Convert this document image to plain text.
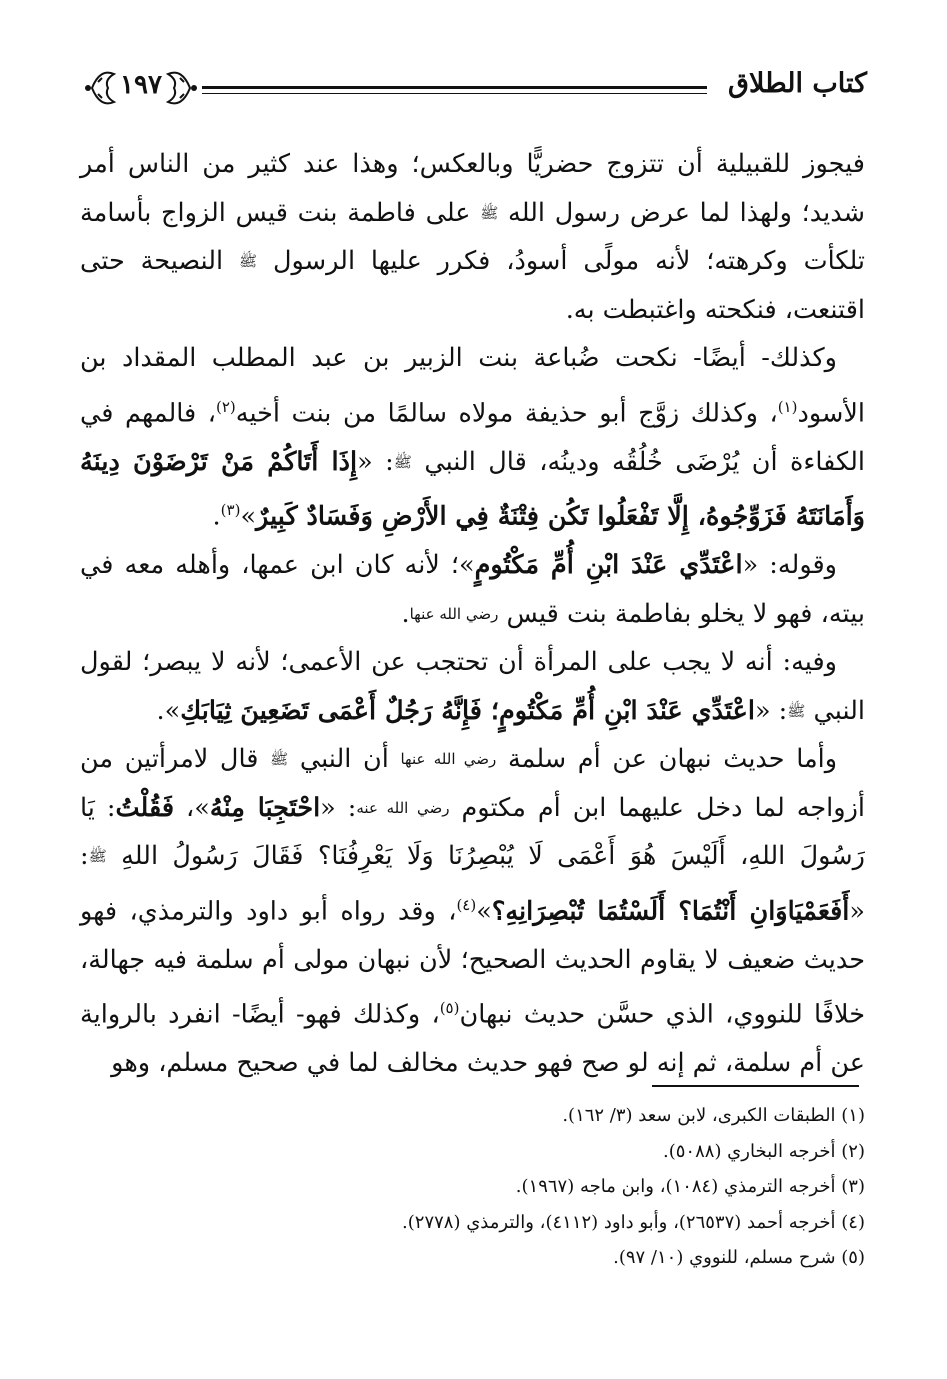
كتاب الطلاق
١٩٧

فيجوز للقبيلية أن تتزوج حضريًّا وبالعكس؛ وهذا عند كثير من الناس أمر شديد؛ ولهذا لما عرض رسول الله ﷺ على فاطمة بنت قيس الزواج بأسامة تلكأت وكرهته؛ لأنه مولًى أسودُ، فكرر عليها الرسول ﷺ النصيحة حتى اقتنعت، فنكحته واغتبطت به.

وكذلك- أيضًا- نكحت ضُباعة بنت الزبير بن عبد المطلب المقداد بن الأسود$^{(١)}$، وكذلك زوَّج أبو حذيفة مولاه سالمًا من بنت أخيه$^{(٢)}$، فالمهم في الكفاءة أن يُرْضَى خُلُقُه ودينُه، قال النبي ﷺ: «إِذَا أَتَاكُمْ مَنْ تَرْضَوْنَ دِينَهُ وَأَمَانَتَهُ فَزَوِّجُوهُ، إِلَّا تَفْعَلُوا تَكُن فِتْنَةٌ فِي الأَرْضِ وَفَسَادٌ كَبِيرٌ»$^{(٣)}$.

وقوله: «اعْتَدِّي عَنْدَ ابْنِ أُمِّ مَكْتُومٍ»؛ لأنه كان ابن عمها، وأهله معه في بيته، فهو لا يخلو بفاطمة بنت قيس رضي الله عنها.

وفيه: أنه لا يجب على المرأة أن تحتجب عن الأعمى؛ لأنه لا يبصر؛ لقول النبي ﷺ: «اعْتَدِّي عَنْدَ ابْنِ أُمِّ مَكْتُومٍ؛ فَإِنَّهُ رَجُلٌ أَعْمَى تَضَعِينَ ثِيَابَكِ».

وأما حديث نبهان عن أم سلمة رضي الله عنها أن النبي ﷺ قال لامرأتين من أزواجه لما دخل عليهما ابن أم مكتوم رضي الله عنه: «احْتَجِبَا مِنْهُ»، فَقُلْتُ: يَا رَسُولَ اللهِ، أَلَيْسَ هُوَ أَعْمَى لَا يُبْصِرُنَا وَلَا يَعْرِفُنَا؟ فَقَالَ رَسُولُ اللهِ ﷺ: «أَفَعَمْيَاوَانِ أَنْتُمَا؟ أَلَسْتُمَا تُبْصِرَانِهِ؟»$^{(٤)}$، وقد رواه أبو داود والترمذي، فهو حديث ضعيف لا يقاوم الحديث الصحيح؛ لأن نبهان مولى أم سلمة فيه جهالة، خلافًا للنووي، الذي حسَّن حديث نبهان$^{(٥)}$، وكذلك فهو- أيضًا- انفرد بالرواية عن أم سلمة، ثم إنه لو صح فهو حديث مخالف لما في صحيح مسلم، وهو

(١) الطبقات الكبرى، لابن سعد (٣/ ١٦٢).

(٢) أخرجه البخاري (٥٠٨٨).

(٣) أخرجه الترمذي (١٠٨٤)، وابن ماجه (١٩٦٧).

(٤) أخرجه أحمد (٢٦٥٣٧)، وأبو داود (٤١١٢)، والترمذي (٢٧٧٨).

(٥) شرح مسلم، للنووي (١٠/ ٩٧).
